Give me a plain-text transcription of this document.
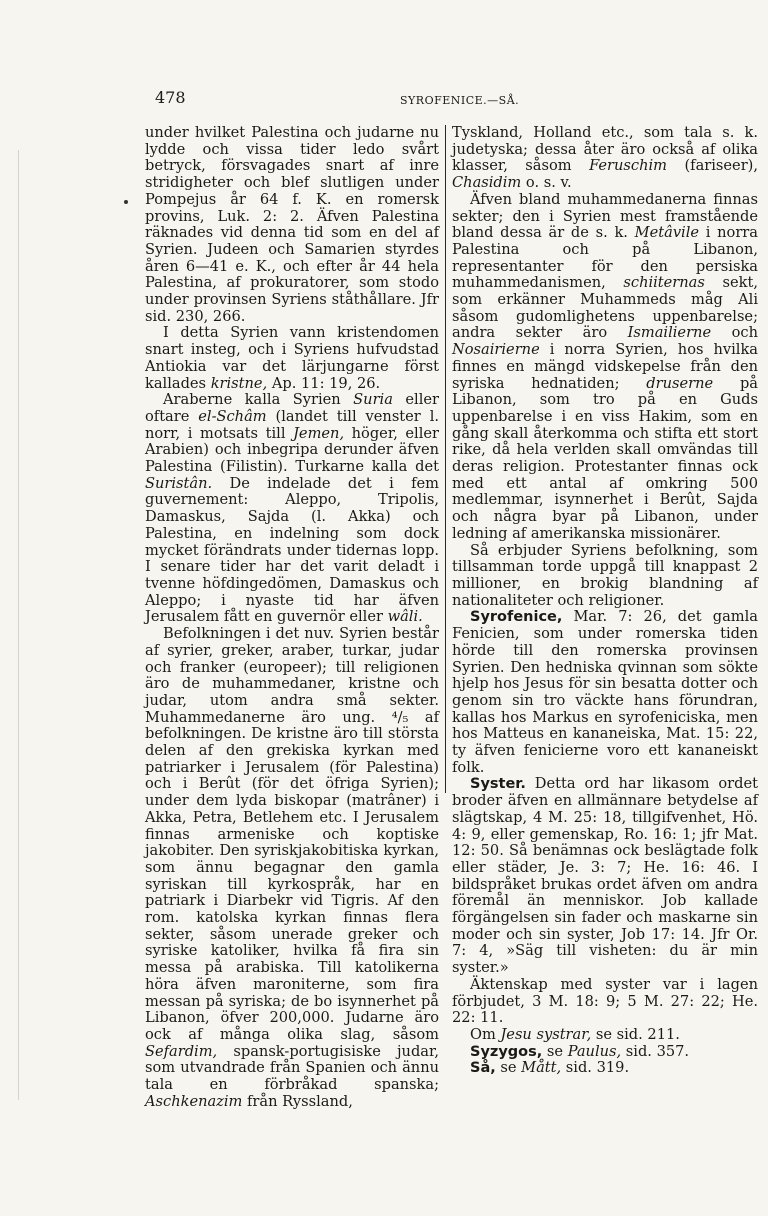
478	SYROFENICE.—SÅ.

under hvilket Palestina och judarne nu lydde och vissa tider ledo svårt betryck, försvagades snart af inre stridigheter och blef slutligen under Pompejus år 64 f. K. en romersk provins, Luk. 2: 2. Äfven Palestina räknades vid denna tid som en del af Syrien. Judeen och Samarien styrdes åren 6—41 e. K., och efter år 44 hela Palestina, af prokuratorer, som stodo under provinsen Syriens ståthållare. Jfr sid. 230, 266.

I detta Syrien vann kristendomen snart insteg, och i Syriens hufvudstad Antiokia var det lärjungarne först kallades kristne, Ap. 11: 19, 26.

Araberne kalla Syrien Suria eller oftare el-Schâm (landet till venster l. norr, i motsats till Jemen, höger, eller Arabien) och inbegripa derunder äfven Palestina (Filistin). Turkarne kalla det Suristân. De indelade det i fem guvernement: Aleppo, Tripolis, Damaskus, Sajda (l. Akka) och Palestina, en indelning som dock mycket förändrats under tidernas lopp. I senare tider har det varit deladt i tvenne höfdingedömen, Damaskus och Aleppo; i nyaste tid har äfven Jerusalem fått en guvernör eller wâli.

Befolkningen i det nuv. Syrien består af syrier, greker, araber, turkar, judar och franker (europeer); till religionen äro de muhammedaner, kristne och judar, utom andra små sekter. Muhammedanerne äro ung. ⁴/₅ af befolkningen. De kristne äro till största delen af den grekiska kyrkan med patriarker i Jerusalem (för Palestina) och i Berût (för det öfriga Syrien); under dem lyda biskopar (matrâner) i Akka, Petra, Betlehem etc. I Jerusalem finnas armeniske och koptiske jakobiter. Den syriskjakobitiska kyrkan, som ännu begagnar den gamla syriskan till kyrkospråk, har en patriark i Diarbekr vid Tigris. Af den rom. katolska kyrkan finnas flera sekter, såsom unerade greker och syriske katoliker, hvilka få fira sin messa på arabiska. Till katolikerna höra äfven maroniterne, som fira messan på syriska; de bo isynnerhet på Libanon, öfver 200,000. Judarne äro ock af många olika slag, såsom Sefardim, spansk-portugisiske judar, som utvandrade från Spanien och ännu tala en förbråkad spanska; Aschkenazim från Ryssland,

Tyskland, Holland etc., som tala s. k. judetyska; dessa åter äro också af olika klasser, såsom Feruschim (fariseer), Chasidim o. s. v.

Äfven bland muhammedanerna finnas sekter; den i Syrien mest framstående bland dessa är de s. k. Metâvile i norra Palestina och på Libanon, representanter för den persiska muhammedanismen, schiiternas sekt, som erkänner Muhammeds måg Ali såsom gudomlighetens uppenbarelse; andra sekter äro Ismailierne och Nosairierne i norra Syrien, hos hvilka finnes en mängd vidskepelse från den syriska hednatiden; druserne på Libanon, som tro på en Guds uppenbarelse i en viss Hakim, som en gång skall återkomma och stifta ett stort rike, då hela verlden skall omvändas till deras religion. Protestanter finnas ock med ett antal af omkring 500 medlemmar, isynnerhet i Berût, Sajda och några byar på Libanon, under ledning af amerikanska missionärer.

Så erbjuder Syriens befolkning, som tillsamman torde uppgå till knappast 2 millioner, en brokig blandning af nationaliteter och religioner.

Syrofenice, Mar. 7: 26, det gamla Fenicien, som under romerska tiden hörde till den romerska provinsen Syrien. Den hedniska qvinnan som sökte hjelp hos Jesus för sin besatta dotter och genom sin tro väckte hans förundran, kallas hos Markus en syrofeniciska, men hos Matteus en kananeiska, Mat. 15: 22, ty äfven fenicierne voro ett kananeiskt folk.

Syster. Detta ord har likasom ordet broder äfven en allmännare betydelse af slägtskap, 4 M. 25: 18, tillgifvenhet, Hö. 4: 9, eller gemenskap, Ro. 16: 1; jfr Mat. 12: 50. Så benämnas ock beslägtade folk eller städer, Je. 3: 7; He. 16: 46. I bildspråket brukas ordet äfven om andra föremål än menniskor. Job kallade förgängelsen sin fader och maskarne sin moder och sin syster, Job 17: 14. Jfr Or. 7: 4, »Säg till visheten: du är min syster.»

Äktenskap med syster var i lagen förbjudet, 3 M. 18: 9; 5 M. 27: 22; He. 22: 11.

Om Jesu systrar, se sid. 211.

Syzygos, se Paulus, sid. 357.

Så, se Mått, sid. 319.
